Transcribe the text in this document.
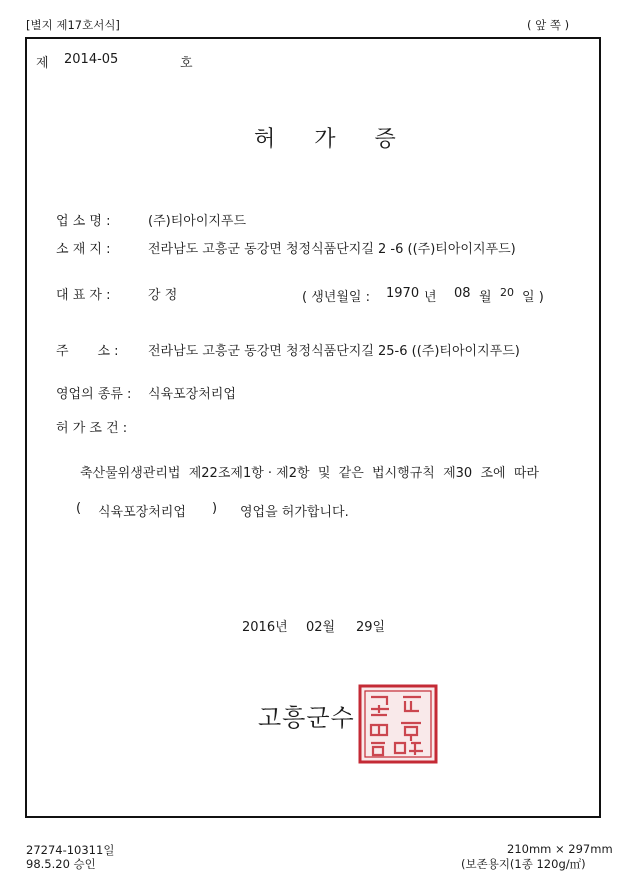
[별지 제17호서식]	( 앞 쪽 )
제 2014-05	호
허 가 증
업 소 명 :	(주)티아이지푸드
소 재 지 :	전라남도 고흥군 동강면 청정식품단지길 2 -6 ((주)티아이지푸드)
대 표 자 :	강 정	( 생년월일 : 1970 년 08 월 20 일 )
주       소 : 전라남도 고흥군 동강면 청정식품단지길 25-6 ((주)티아이지푸드)
영업의 종류 : 식육포장처리업
허 가 조 건 :
축산물위생관리법  제22조제1항 · 제2항  및  같은  법시행규칙  제30  조에  따라
( 식육포장처리업 ) 영업을 허가합니다.
2016년 02월 29일
고흥군수
27274-10311일
98.5.20 승인
210mm × 297mm
(보존용지(1종 120g/㎡)
